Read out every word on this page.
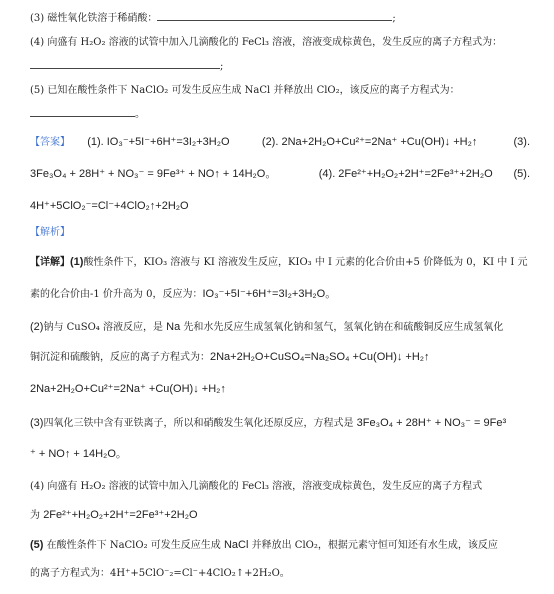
(3) 磁性氧化铁溶于稀硝酸：	;
(4) 向盛有 H₂O₂ 溶液的试管中加入几滴酸化的 FeCl₃ 溶液，溶液变成棕黄色，发生反应的离子方程式为：
;
(5) 已知在酸性条件下 NaClO₂ 可发生反应生成 NaCl 并释放出 ClO₂，该反应的离子方程式为：
。
【答案】 (1). IO₃⁻+5I⁻+6H⁺=3I₂+3H₂O	(2). 2Na+2H₂O+Cu²⁺=2Na⁺ +Cu(OH)↓ +H₂↑	(3).
3Fe₃O₄ + 28H⁺ + NO₃⁻ = 9Fe³⁺ + NO↑ + 14H₂O。	(4). 2Fe²⁺+H₂O₂+2H⁺=2Fe³⁺+2H₂O (5).
4H⁺+5ClO₂⁻=Cl⁻+4ClO₂↑+2H₂O
【解析】
【详解】(1)酸性条件下，KIO₃ 溶液与 KI 溶液发生反应，KIO₃ 中 I 元素的化合价由+5 价降低为 0，KI 中 I 元
素的化合价由-1 价升高为 0，反应为：IO₃⁻+5I⁻+6H⁺=3I₂+3H₂O。
(2)钠与 CuSO₄ 溶液反应，是 Na 先和水先反应生成氢氧化钠和氢气，氢氧化钠在和硫酸铜反应生成氢氧化
铜沉淀和硫酸钠，反应的离子方程式为：2Na+2H₂O+CuSO₄=Na₂SO₄ +Cu(OH)↓ +H₂↑
2Na+2H₂O+Cu²⁺=2Na⁺ +Cu(OH)↓ +H₂↑
(3)四氧化三铁中含有亚铁离子，所以和硝酸发生氧化还原反应，方程式是 3Fe₃O₄ + 28H⁺ + NO₃⁻ = 9Fe³
⁺ + NO↑ + 14H₂O。
(4) 向盛有 H₂O₂ 溶液的试管中加入几滴酸化的 FeCl₃ 溶液，溶液变成棕黄色，发生反应的离子方程式
为 2Fe²⁺+H₂O₂+2H⁺=2Fe³⁺+2H₂O
(5) 在酸性条件下 NaClO₂ 可发生反应生成 NaCl 并释放出 ClO₂，根据元素守恒可知还有水生成，该反应
的离子方程式为：4H⁺+5ClO⁻₂=Cl⁻+4ClO₂↑+2H₂O。
